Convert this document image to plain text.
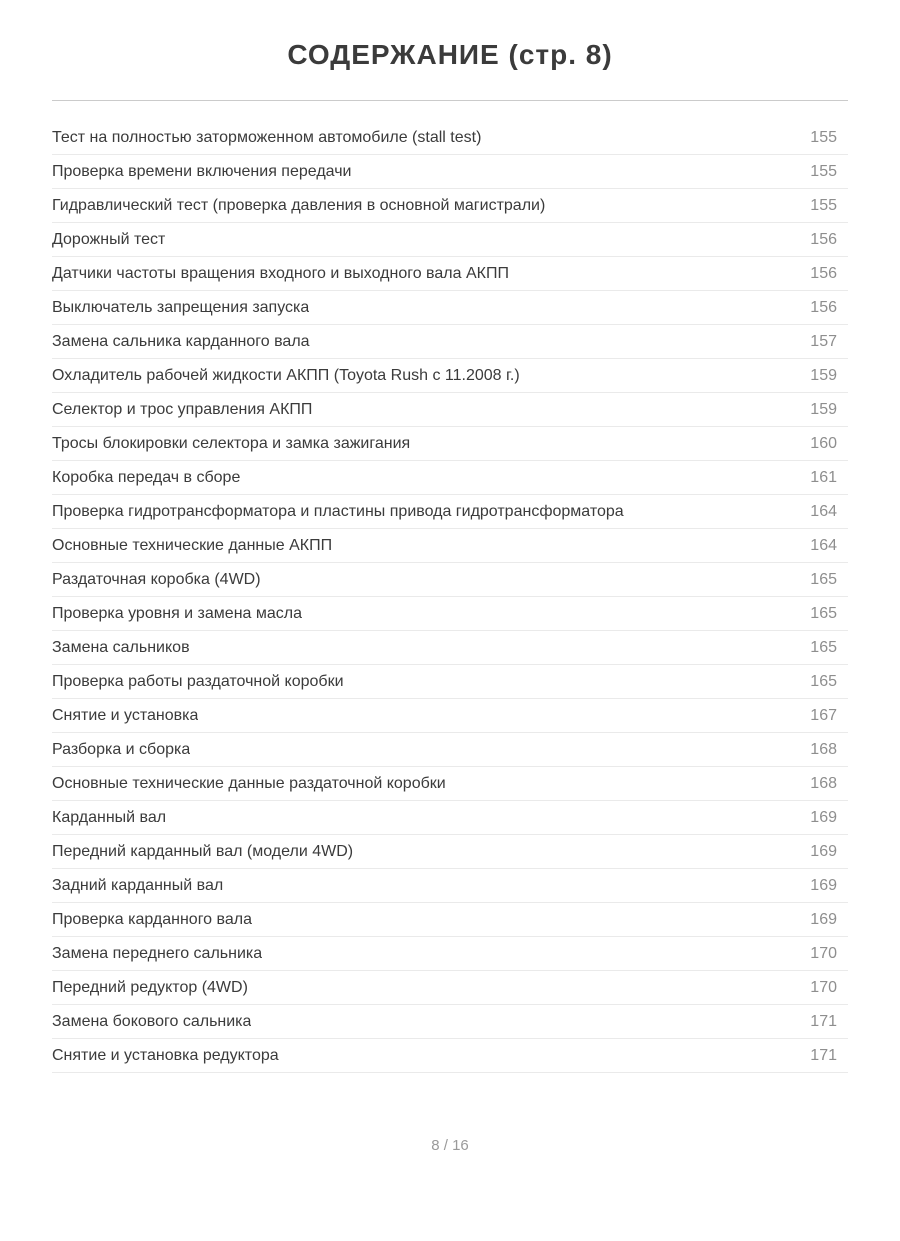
СОДЕРЖАНИЕ (стр. 8)
Тест на полностью заторможенном автомобиле (stall test)	155
Проверка времени включения передачи	155
Гидравлический тест (проверка давления в основной магистрали)	155
Дорожный тест	156
Датчики частоты вращения входного и выходного вала АКПП	156
Выключатель запрещения запуска	156
Замена сальника карданного вала	157
Охладитель рабочей жидкости АКПП (Toyota Rush с 11.2008 г.)	159
Селектор и трос управления АКПП	159
Тросы блокировки селектора и замка зажигания	160
Коробка передач в сборе	161
Проверка гидротрансформатора и пластины привода гидротрансформатора	164
Основные технические данные АКПП	164
Раздаточная коробка (4WD)	165
Проверка уровня и замена масла	165
Замена сальников	165
Проверка работы раздаточной коробки	165
Снятие и установка	167
Разборка и сборка	168
Основные технические данные раздаточной коробки	168
Карданный вал	169
Передний карданный вал (модели 4WD)	169
Задний карданный вал	169
Проверка карданного вала	169
Замена переднего сальника	170
Передний редуктор (4WD)	170
Замена бокового сальника	171
Снятие и установка редуктора	171
8 / 16
